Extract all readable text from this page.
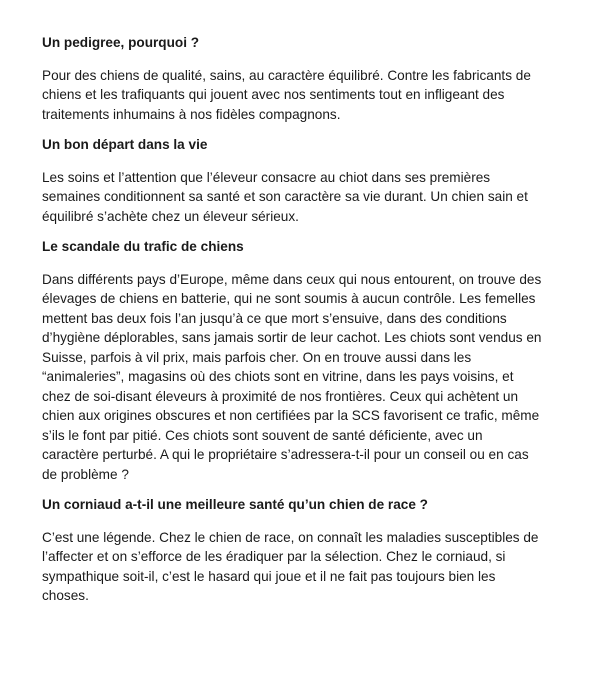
Un pedigree, pourquoi ?

Pour des chiens de qualité, sains, au caractère équilibré. Contre les fabricants de chiens et les trafiquants qui jouent avec nos sentiments tout en infligeant des traitements inhumains à nos fidèles compagnons.

Un bon départ dans la vie

Les soins et l’attention que l’éleveur consacre au chiot dans ses premières semaines conditionnent sa santé et son caractère sa vie durant. Un chien sain et équilibré s’achète chez un éleveur sérieux.

Le scandale du trafic de chiens

Dans différents pays d’Europe, même dans ceux qui nous entourent, on trouve des élevages de chiens en batterie, qui ne sont soumis à aucun contrôle. Les femelles mettent bas deux fois l’an jusqu’à ce que mort s’ensuive, dans des conditions d’hygiène déplorables, sans jamais sortir de leur cachot. Les chiots sont vendus en Suisse, parfois à vil prix, mais parfois cher. On en trouve aussi dans les “animaleries”, magasins où des chiots sont en vitrine, dans les pays voisins, et chez de soi-disant éleveurs à proximité de nos frontières. Ceux qui achètent un chien aux origines obscures et non certifiées par la SCS favorisent ce trafic, même s’ils le font par pitié. Ces chiots sont souvent de santé déficiente, avec un caractère perturbé. A qui le propriétaire s’adressera-t-il pour un conseil ou en cas de problème ?

Un corniaud a-t-il une meilleure santé qu’un chien de race ?

C’est une légende. Chez le chien de race, on connaît les maladies susceptibles de l’affecter et on s’efforce de les éradiquer par la sélection. Chez le corniaud, si sympathique soit-il, c’est le hasard qui joue et il ne fait pas toujours bien les choses.
